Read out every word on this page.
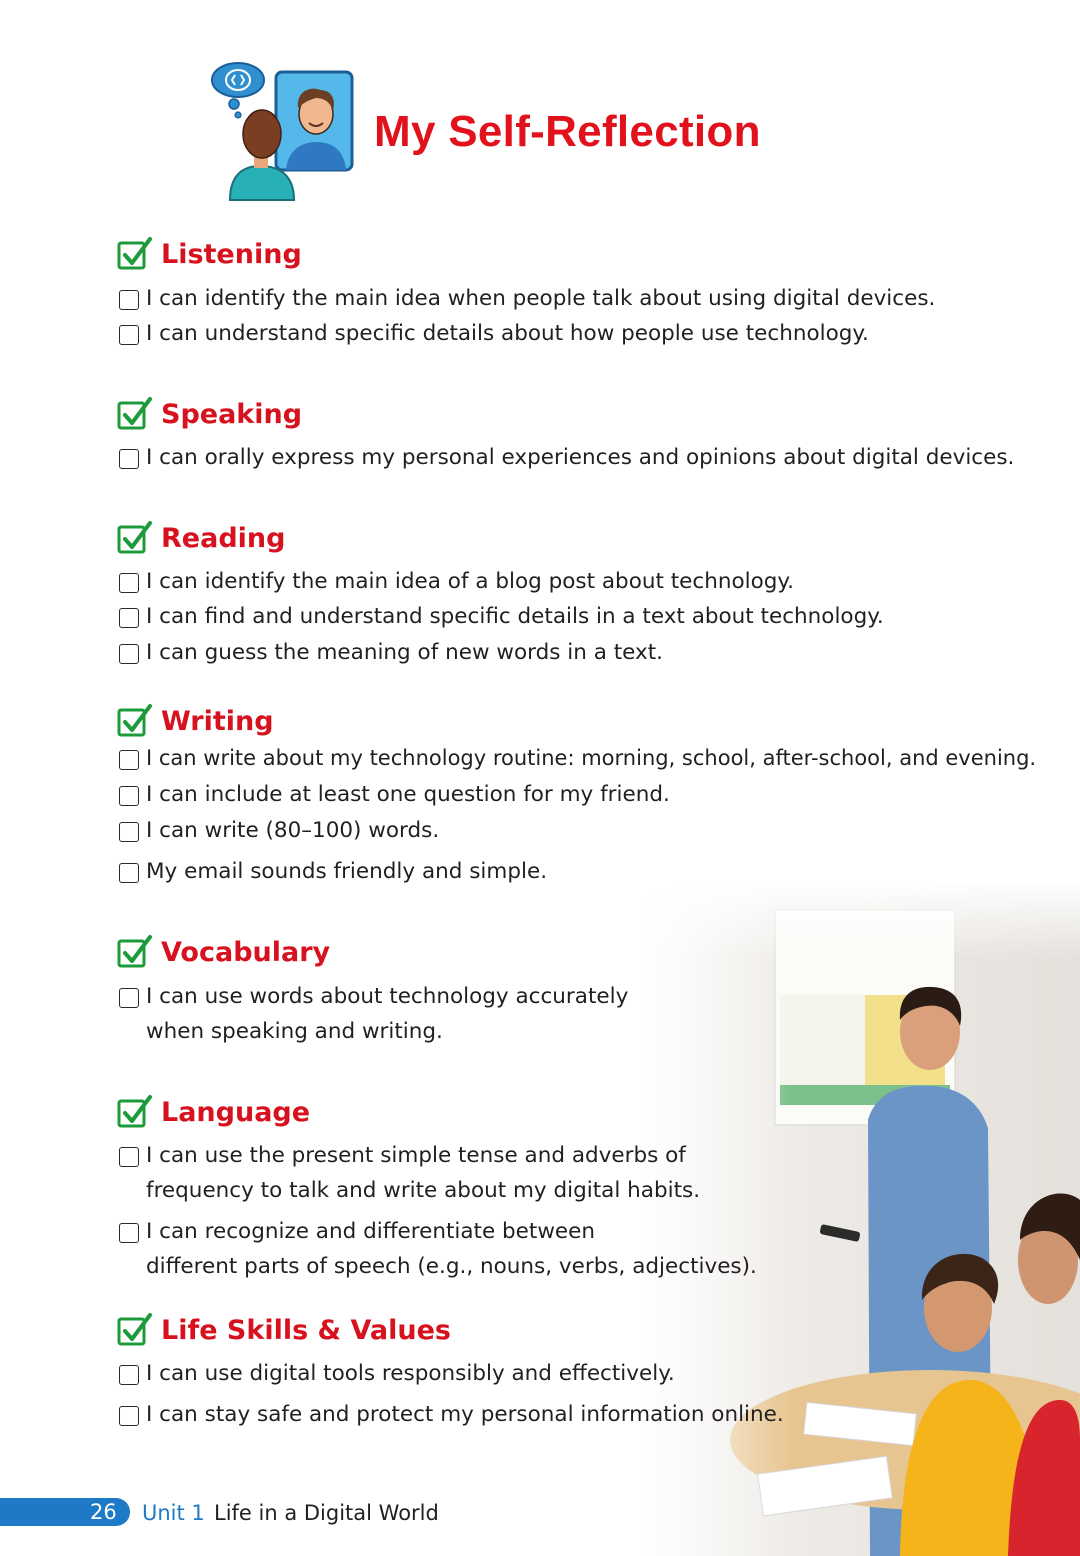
My Self-Reflection
Listening
I can identify the main idea when people talk about using digital devices.
I can understand specific details about how people use technology.
Speaking
I can orally express my personal experiences and opinions about digital devices.
Reading
I can identify the main idea of a blog post about technology.
I can find and understand specific details in a text about technology.
I can guess the meaning of new words in a text.
Writing
I can write about my technology routine: morning, school, after-school, and evening.
I can include at least one question for my friend.
I can write (80–100) words.
My email sounds friendly and simple.
Vocabulary
I can use words about technology accurately
when speaking and writing.
Language
I can use the present simple tense and adverbs of
frequency to talk and write about my digital habits.
I can recognize and differentiate between
different parts of speech (e.g., nouns, verbs, adjectives).
Life Skills & Values
I can use digital tools responsibly and effectively.
I can stay safe and protect my personal information online.
26 Unit 1 Life in a Digital World
